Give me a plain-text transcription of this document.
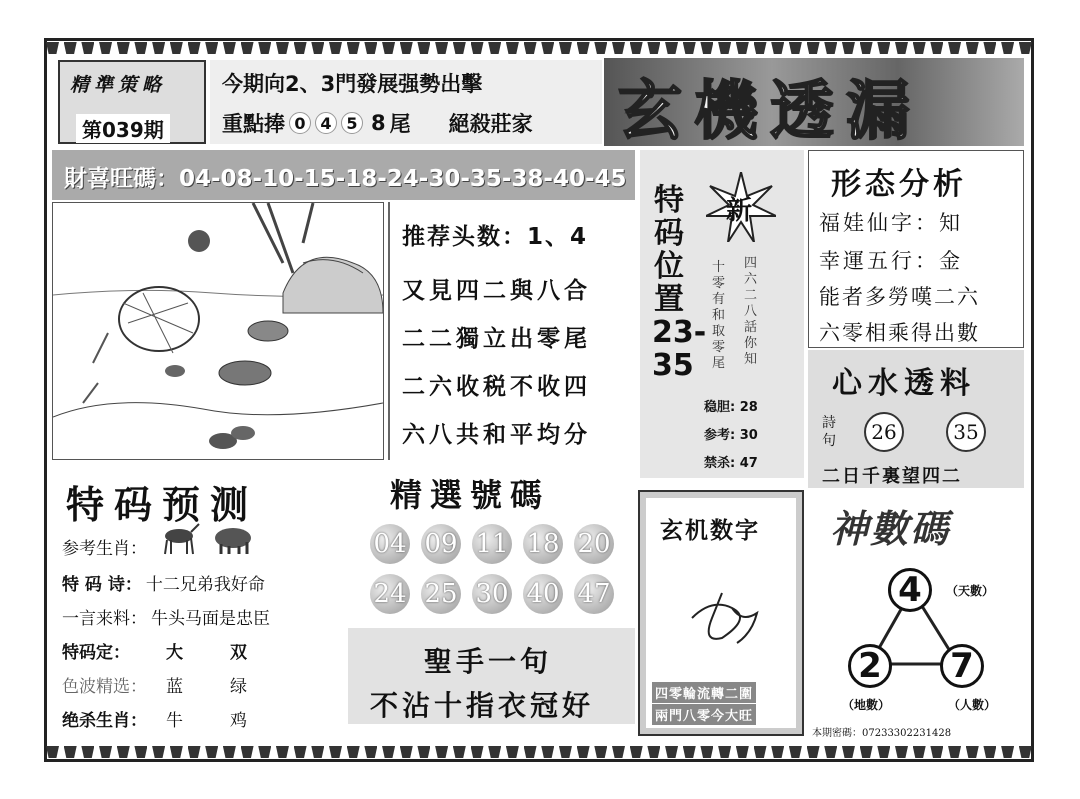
精準策略
第039期
今期向2、3門發展强勢出擊
重點捧 0 4 5 8 尾 絕殺莊家 玄機透漏
財喜旺碼：04-08-10-15-18-24-30-35-38-40-45
推荐头数：1、4
又見四二與八合
二二獨立出零尾
二六收税不收四
六八共和平均分
特码位置23-35
新
十零有和取零尾
四六二八話你知
稳胆: 28
参考: 30
禁杀: 47
形态分析
福娃仙字：知
幸運五行：金
能者多勞嘆二六
六零相乘得出數
心水透料
詩句	26	35
二日千裏望四二
特码预测
参考生肖：
特 码 诗： 十二兄弟我好命
一言来料： 牛头马面是忠臣
特码定：	大	双
色波精选：	蓝	绿
绝杀生肖：	牛	鸡
精選號碼
04 09 11 18 20
24 25 30 40 47
聖手一句
不沾十指衣冠好
玄机数字
四零輪流轉二圍
兩門八零今大旺
神數碼
4
2 7
（天數）
（地數）	（人數）
本期密碼：07233302231428
